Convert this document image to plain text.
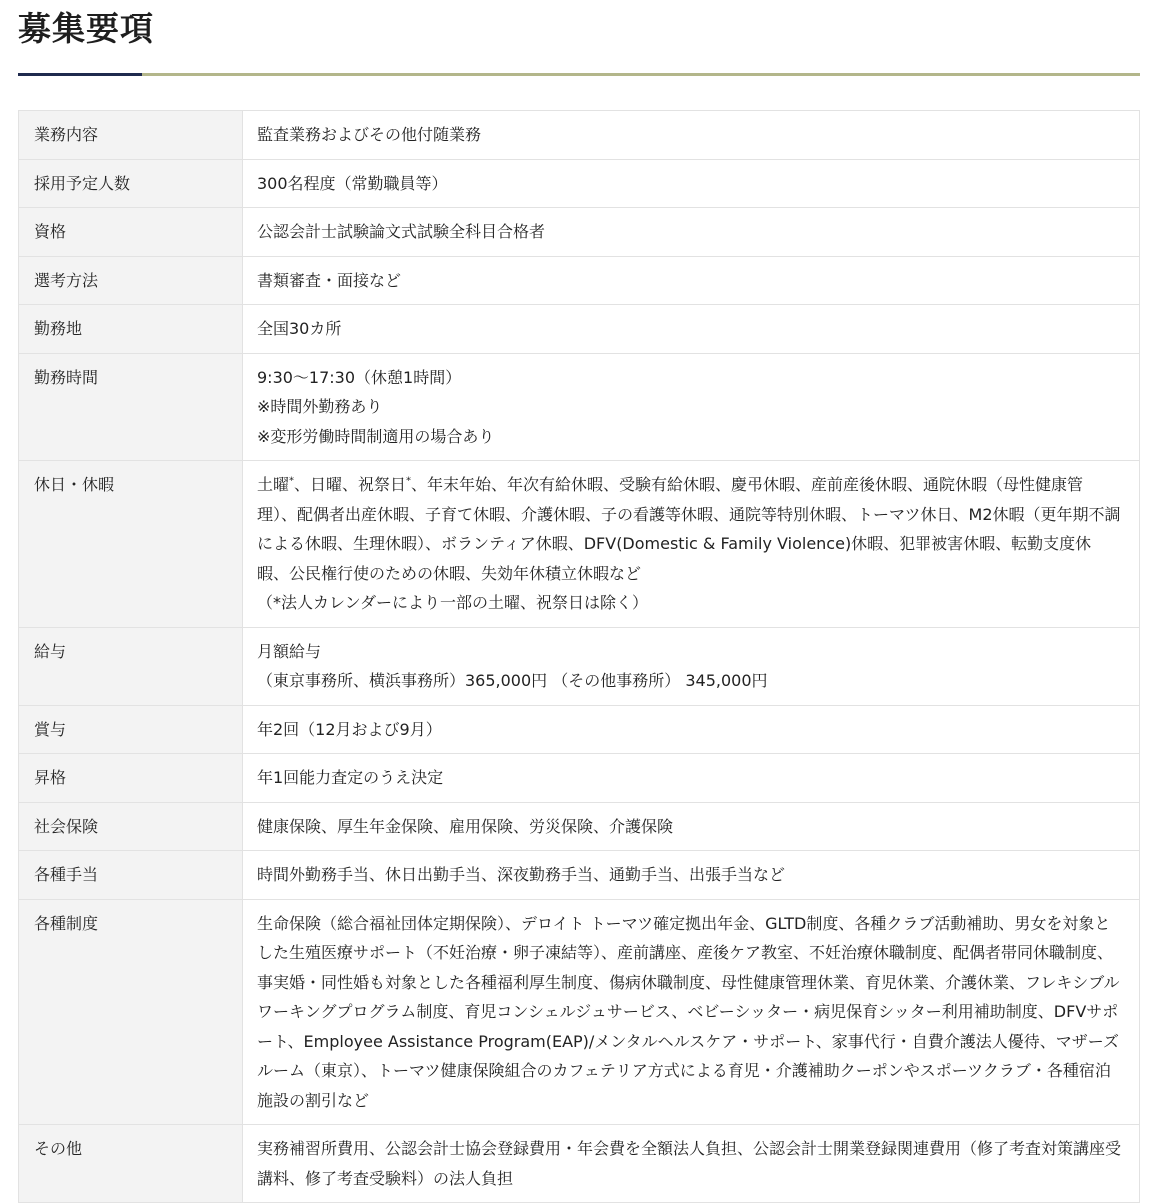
募集要項
業務内容	監査業務およびその他付随業務

採用予定人数	300名程度（常勤職員等）

資格	公認会計士試験論文式試験全科目合格者

選考方法	書類審査・面接など

勤務地	全国30カ所

勤務時間	9:30〜17:30（休憩1時間）
※時間外勤務あり
※変形労働時間制適用の場合あり

休日・休暇	土曜*、日曜、祝祭日*、年末年始、年次有給休暇、受験有給休暇、慶弔休暇、産前産後休暇、通院休暇（母性健康管理）、配偶者出産休暇、子育て休暇、介護休暇、子の看護等休暇、通院等特別休暇、トーマツ休日、M2休暇（更年期不調による休暇、生理休暇）、ボランティア休暇、DFV(Domestic & Family Violence)休暇、犯罪被害休暇、転勤支度休暇、公民権行使のための休暇、失効年休積立休暇など
（*法人カレンダーにより一部の土曜、祝祭日は除く）

給与	月額給与
（東京事務所、横浜事務所）365,000円 （その他事務所） 345,000円

賞与	年2回（12月および9月）

昇格	年1回能力査定のうえ決定

社会保険	健康保険、厚生年金保険、雇用保険、労災保険、介護保険

各種手当	時間外勤務手当、休日出勤手当、深夜勤務手当、通勤手当、出張手当など

各種制度	生命保険（総合福祉団体定期保険）、デロイト トーマツ確定拠出年金、GLTD制度、各種クラブ活動補助、男女を対象とした生殖医療サポート（不妊治療・卵子凍結等）、産前講座、産後ケア教室、不妊治療休職制度、配偶者帯同休職制度、事実婚・同性婚も対象とした各種福利厚生制度、傷病休職制度、母性健康管理休業、育児休業、介護休業、フレキシブルワーキングプログラム制度、育児コンシェルジュサービス、ベビーシッター・病児保育シッター利用補助制度、DFVサポート、Employee Assistance Program(EAP)/メンタルヘルスケア・サポート、家事代行・自費介護法人優待、マザーズルーム（東京）、トーマツ健康保険組合のカフェテリア方式による育児・介護補助クーポンやスポーツクラブ・各種宿泊施設の割引など

その他	実務補習所費用、公認会計士協会登録費用・年会費を全額法人負担、公認会計士開業登録関連費用（修了考査対策講座受講料、修了考査受験料）の法人負担
